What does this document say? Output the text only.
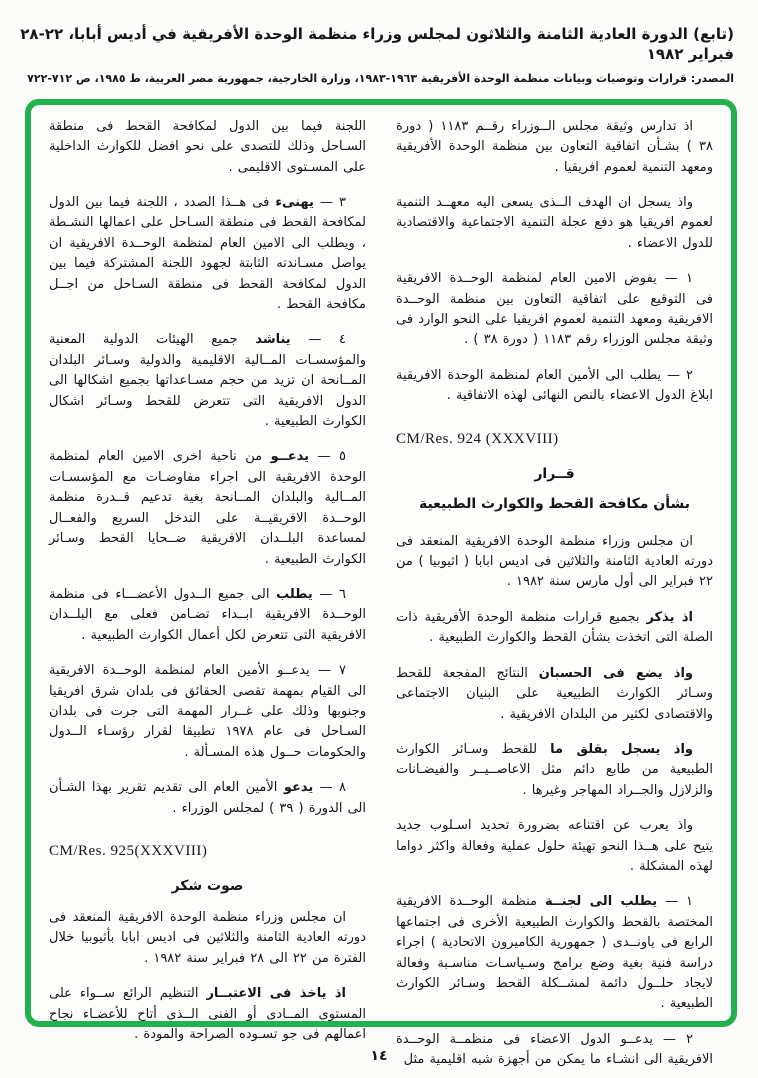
(تابع) الدورة العادية الثامنة والثلاثون لمجلس وزراء منظمة الوحدة الأفريقية في أديس أبابا، ٢٢-٢٨ فبراير ١٩٨٢
المصدر: قرارات وتوصيات وبيانات منظمة الوحدة الأفريقية ١٩٦٣-١٩٨٣، وزارة الخارجية، جمهورية مصر العربية، ط ١٩٨٥، ص ٧١٢-٧٢٢

اذ تدارس وثيقة مجلس الــوزراء رقــم ١١٨٣ ( دورة ٣٨ ) بشـأن اتفاقية التعاون بين منظمة الوحدة الأفريقية ومعهد التنمية لعموم افريقيا .

واذ يسجل ان الهدف الــذى يسعى اليه معهــد التنمية لعموم افريقيا هو دفع عجلة التنمية الاجتماعية والاقتصادية للدول الاعضاء .

١ — يفوض الامين العام لمنظمة الوحــدة الافريقية فى التوقيع على اتفاقية التعاون بين منظمة الوحــدة الافريقية ومعهد التنمية لعموم افريقيا على النحو الوارد فى وثيقة مجلس الوزراء رقم ١١٨٣ ( دورة ٣٨ ) .

٢ — يطلب الى الأمين العام لمنظمة الوحدة الافريقية ابلاغ الدول الاعضاء بالنص النهائى لهذه الاتفاقية .

CM/Res. 924 (XXXVIII)
قــرار
بشأن مكافحة القحط والكوارث الطبيعية

ان مجلس وزراء منظمة الوحدة الافريقية المنعقد فى دورته العادية الثامنة والثلاثين فى اديس ابابا ( اثيوبيا ) من ٢٢ فبراير الى أول مارس سنة ١٩٨٢ .

اذ يذكر بجميع قرارات منظمة الوحدة الأفريقية ذات الصلة التى اتخذت بشأن القحط والكوارث الطبيعية .

واذ يضع فى الحسبان النتائج المفجعة للقحط وسـائر الكوارث الطبيعية على البنيان الاجتماعى والاقتصادى لكثير من البلدان الافريقية .

واذ يسجل بقلق ما للقحط وسـائر الكوارث الطبيعية من طابع دائم مثل الاعاصــيــر والفيضـانات والزلازل والجــراد المهاجر وغيرها .

واذ يعرب عن اقتناعه بضرورة تحديد اسـلوب جديد يتيح على هــذا النحو تهيئة حلول عملية وفعالة واكثر دواما لهذه المشكلة .

١ — يطلب الى لجنــة منظمة الوحــدة الافريقية المختصة بالقحط والكوارث الطبيعية الأخرى فى اجتماعها الرابع فى ياونــدى ( جمهورية الكاميرون الاتحادية ) اجراء دراسة فنية بغية وضع برامج وسـياسـات مناسـبة وفعالة لايجاد حلــول دائمة لمشــكلة القحط وسـائر الكوارث الطبيعية .

٢ — يدعــو الدول الاعضاء فى منظمــة الوحــدة الافريقية الى انشـاء ما يمكن من أجهزة شبه اقليمية مثل

اللجنة فيما بين الدول لمكافحة القحط فى منطقة السـاحل وذلك للتصدى على نحو افضل للكوارث الداخلية على المسـتوى الاقليمى .

٣ — يهنىء فى هــذا الصدد ، اللجنة فيما بين الدول لمكافحة القحط فى منطقة السـاحل على اعمالها النشـطة ، ويطلب الى الامين العام لمنظمة الوحــدة الافريقية ان يواصل مسـاندته الثابتة لجهود اللجنة المشتركة فيما بين الدول لمكافحة القحط فى منطقة السـاحل من اجــل مكافحة القحط .

٤ — يناشد جميع الهيئات الدولية المعنية والمؤسسـات المــالية الاقليمية والدولية وسـائر البلدان المــانحة ان تزيد من حجم مسـاعداتها بجميع اشكالها الى الدول الافريقية التى تتعرض للقحط وسـائر اشكال الكوارث الطبيعية .

٥ — يدعــو من ناحية اخرى الامين العام لمنظمة الوحدة الافريقية الى اجراء مفاوضـات مع المؤسسـات المــالية والبلدان المــانحة بغية تدعيم قــدرة منظمة الوحــدة الافريقيــة على التدخل السريع والفعــال لمساعدة البلــدان الافريقية ضــحايا القحط وسـائر الكوارث الطبيعية .

٦ — يطلب الى جميع الــدول الأعضـــاء فى منظمة الوحــدة الافريقية ابــداء تضـامن فعلى مع البلــدان الافريقية التى تتعرض لكل أعمال الكوارث الطبيعية .

٧ — يدعــو الأمين العام لمنظمة الوحــدة الافريقية الى القيام بمهمة تقصى الحقائق فى بلدان شرق افريقيا وجنوبها وذلك على غــرار المهمة التى جرت فى بلدان السـاحل فى عام ١٩٧٨ تطبيقا لقرار رؤسـاء الــدول والحكومات حــول هذه المسـألة .

٨ — يدعو الأمين العام الى تقديم تقرير بهذا الشـأن الى الدورة ( ٣٩ ) لمجلس الوزراء .

CM/Res. 925(XXXVIII)
صوت شكر

ان مجلس وزراء منظمة الوحدة الافريقية المنعقد فى دورته العادية الثامنة والثلاثين فى اديس ابابا بأثيوبيا خلال الفترة من ٢٢ الى ٢٨ فبراير سنة ١٩٨٢ .

اذ ياخذ فى الاعتبــار التنظيم الرائع ســواء على المستوى المــادى أو الفنى الــذى أتاح للأعضـاء نجاح اعمالهم فى جو تسـوده الصراحة والمودة .

١٤
